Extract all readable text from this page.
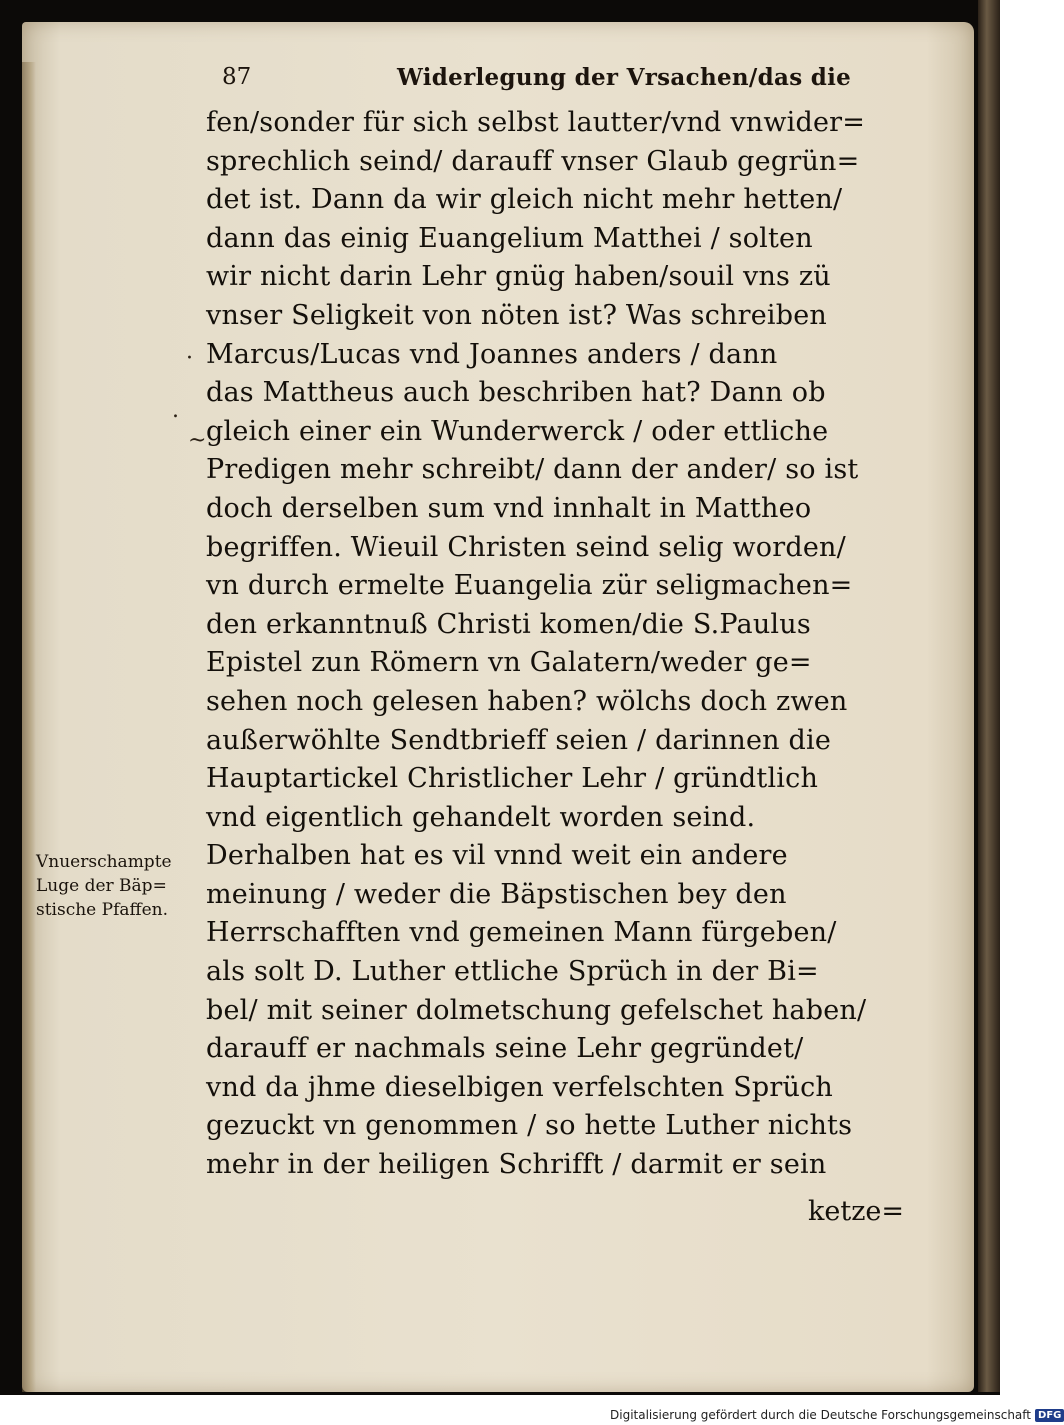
87	Widerlegung der Vrsachen/das die
fen/sonder für sich selbst lautter/vnd vnwider=
sprechlich seind/ darauff vnser Glaub gegrün=
det ist. Dann da wir gleich nicht mehr hetten/
dann das einig Euangelium Matthei / solten
wir nicht darin Lehr gnüg haben/souil vns zü
vnser Seligkeit von nöten ist? Was schreiben
Marcus/Lucas vnd Joannes anders / dann
das Mattheus auch beschriben hat? Dann ob
gleich einer ein Wunderwerck / oder ettliche
Predigen mehr schreibt/ dann der ander/ so ist
doch derselben sum vnd innhalt in Mattheo
begriffen. Wieuil Christen seind selig worden/
vn durch ermelte Euangelia zür seligmachen=
den erkanntnuß Christi komen/die S.Paulus
Epistel zun Römern vn Galatern/weder ge=
sehen noch gelesen haben? wölchs doch zwen
außerwöhlte Sendtbrieff seien / darinnen die
Hauptartickel Christlicher Lehr / gründtlich
vnd eigentlich gehandelt worden seind.
Derhalben hat es vil vnnd weit ein andere
meinung / weder die Bäpstischen bey den
Herrschafften vnd gemeinen Mann fürgeben/
als solt D. Luther ettliche Sprüch in der Bi=
bel/ mit seiner dolmetschung gefelschet haben/
darauff er nachmals seine Lehr gegründet/
vnd da jhme dieselbigen verfelschten Sprüch
gezuckt vn genommen / so hette Luther nichts
mehr in der heiligen Schrifft / darmit er sein
ketze=
Vnuerschampte
Luge der Bäp=
stische Pfaffen.
·
.
~
Digitalisierung gefördert durch die Deutsche Forschungsgemeinschaft DFG
